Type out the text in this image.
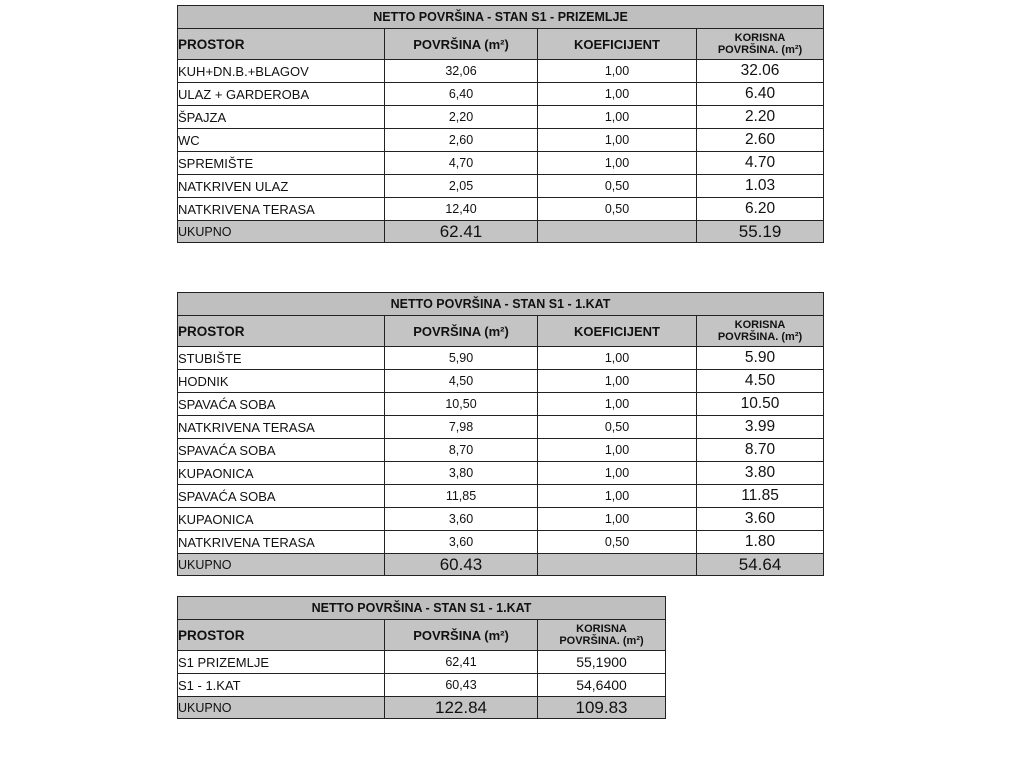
NETTO POVRŠINA - STAN S1 - PRIZEMLJE			
PROSTOR	POVRŠINA (m²)	KOEFICIJENT	KORISNA
POVRŠINA. (m²)
KUH+DN.B.+BLAGOV	32,06	1,00	32.06
ULAZ + GARDEROBA	6,40	1,00	6.40
ŠPAJZA	2,20	1,00	2.20
WC	2,60	1,00	2.60
SPREMIŠTE	4,70	1,00	4.70
NATKRIVEN ULAZ	2,05	0,50	1.03
NATKRIVENA TERASA	12,40	0,50	6.20
UKUPNO	62.41		55.19
NETTO POVRŠINA - STAN S1 - 1.KAT			
PROSTOR	POVRŠINA (m²)	KOEFICIJENT	KORISNA
POVRŠINA. (m²)
STUBIŠTE	5,90	1,00	5.90
HODNIK	4,50	1,00	4.50
SPAVAĆA SOBA	10,50	1,00	10.50
NATKRIVENA TERASA	7,98	0,50	3.99
SPAVAĆA SOBA	8,70	1,00	8.70
KUPAONICA	3,80	1,00	3.80
SPAVAĆA SOBA	11,85	1,00	11.85
KUPAONICA	3,60	1,00	3.60
NATKRIVENA TERASA	3,60	0,50	1.80
UKUPNO	60.43		54.64
NETTO POVRŠINA - STAN S1 - 1.KAT		
PROSTOR	POVRŠINA (m²)	KORISNA
POVRŠINA. (m²)
S1 PRIZEMLJE	62,41	55,1900
S1 - 1.KAT	60,43	54,6400
UKUPNO	122.84	109.83
